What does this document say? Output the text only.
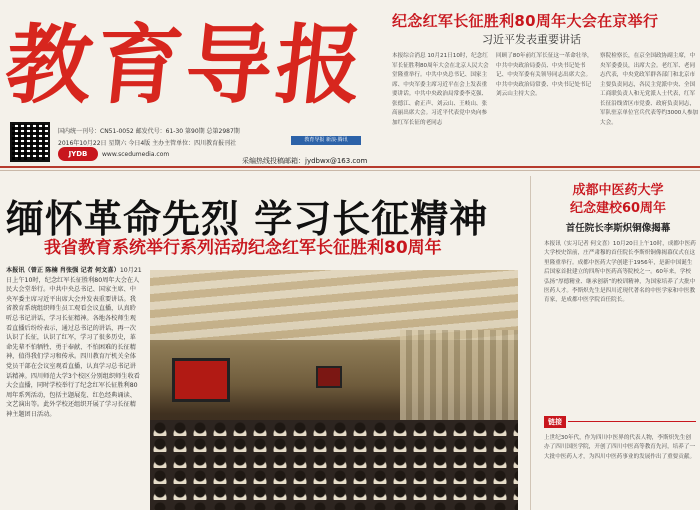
教育导报
国内统一刊号：CN51-0052 邮发代号：61-30 第90期 总第2987期
2016年10月22日 星期六 今日4版 主办主管单位：四川教育报刊社
JYDB	www.scedumedia.com
教育导报 新浪·腾讯
采编热线投稿邮箱：jydbwx@163.com
纪念红军长征胜利80周年大会在京举行
习近平发表重要讲话
本报综合消息 10月21日10时，纪念红军长征胜利80周年大会在北京人民大会堂隆重举行。中共中央总书记、国家主席、中央军委主席习近平在会上发表重要讲话。中共中央政治局常委李克强、张德江、俞正声、刘云山、王岐山、张高丽出席大会。习近平代表党中央向参加红军长征的老同志
回顾了80年前红军长征这一革命壮举，中共中央政治局委员、中央书记处书记、中央军委有关领导同志出席大会。中共中央政治局常委、中央书记处书记刘云山主持大会。
察院检察长，在京全国政协副主席，中央军委委员，出席大会。老红军、老同志代表，中央党政军群各部门和北京市主要负责同志，各民主党派中央、全国工商联负责人和无党派人士代表，红军长征沿线省区市党委、政府负责同志，军队驻京单位官兵代表等约3000人参加大会。
缅怀革命先烈 学习长征精神
我省教育系统举行系列活动纪念红军长征胜利80周年
本报讯（曾正 陈楠 肖张强 记者 何文喜）10月21日上午10时，纪念红军长征胜利80周年大会在人民大会堂举行。中共中央总书记、国家主席、中央军委主席习近平出席大会并发表重要讲话。我省教育系统组织师生员工观看会议直播，认真聆听总书记讲话，学习长征精神。各地各校师生观看直播后纷纷表示，通过总书记的讲话，再一次认识了长征，认识了红军，学习了很多历史，革命先辈不怕牺牲、勇于奉献、不怕困难的长征精神，值得我们学习和传承。四川教育厅机关全体党员干部在会议室观看直播，认真学习总书记讲话精神。四川师范大学3个校区分别组织师生收看大会直播，同时学校举行了纪念红军长征胜利80周年系列活动，包括主题展览、红色经典诵读、文艺演出等。此外学校还组织开展了学习长征精神主题团日活动。
成都中医药大学
纪念建校60周年
首任院长李斯炽铜像揭幕
本报讯（实习记者 何文喜）10月20日上午10时，成都中医药大学校史馆前，庄严肃穆的首任院长李斯炽铜像揭幕仪式在这里隆重举行。成都中医药大学创建于1956年，是新中国诞生后国家首批建立的四所中医药高等院校之一。60年来，学校弘扬“厚德精业、继承创新”的校训精神，为国家培养了大批中医药人才。李斯炽先生是四川近现代著名的中医学家和中医教育家，是成都中医学院首任院长。
链接
上世纪30年代，作为四川中医界的代表人物，李斯炽先生创办了四川国医学院，开创了四川中医高等教育先河，培养了一大批中医药人才，为四川中医药事业的发展作出了重要贡献。
